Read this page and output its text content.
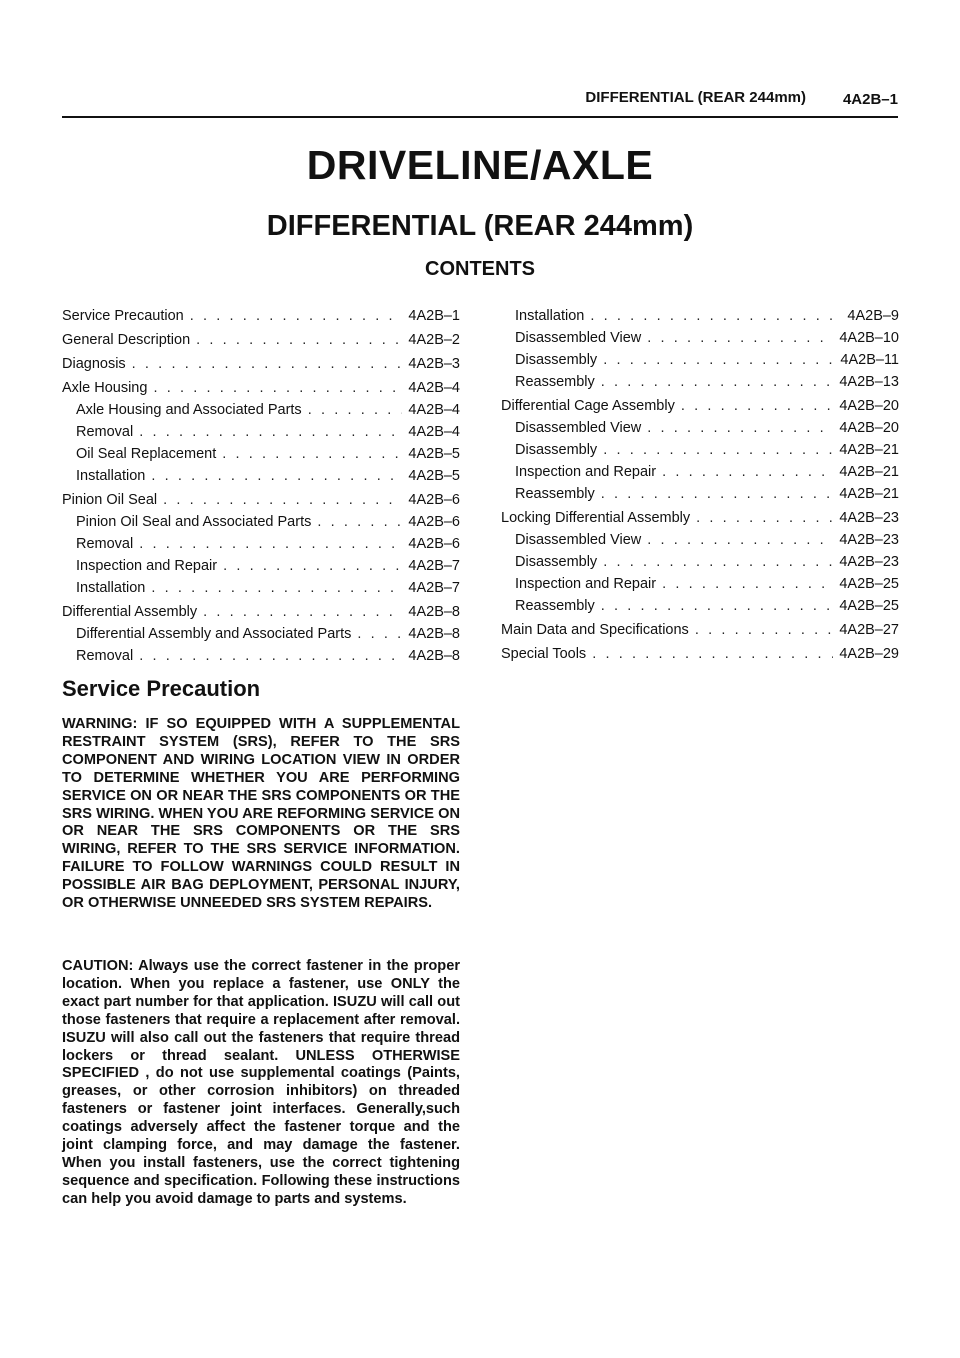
DIFFERENTIAL (REAR 244mm) 4A2B–1
DRIVELINE/AXLE
DIFFERENTIAL (REAR 244mm)
CONTENTS
Service Precaution . . .	4A2B–1
General Description . . .	4A2B–2
Diagnosis . . .	4A2B–3
Axle Housing . . .	4A2B–4
Axle Housing and Associated Parts . . .	4A2B–4
Removal . . .	4A2B–4
Oil Seal Replacement . . .	4A2B–5
Installation . . .	4A2B–5
Pinion Oil Seal . . .	4A2B–6
Pinion Oil Seal and Associated Parts . . .	4A2B–6
Removal . . .	4A2B–6
Inspection and Repair . . .	4A2B–7
Installation . . .	4A2B–7
Differential Assembly . . .	4A2B–8
Differential Assembly and Associated Parts . . .	4A2B–8
Removal . . .	4A2B–8
Installation . . .	4A2B–9
Disassembled View . . .	4A2B–10
Disassembly . . .	4A2B–11
Reassembly . . .	4A2B–13
Differential Cage Assembly . . .	4A2B–20
Disassembled View . . .	4A2B–20
Disassembly . . .	4A2B–21
Inspection and Repair . . .	4A2B–21
Reassembly . . .	4A2B–21
Locking Differential Assembly . . .	4A2B–23
Disassembled View . . .	4A2B–23
Disassembly . . .	4A2B–23
Inspection and Repair . . .	4A2B–25
Reassembly . . .	4A2B–25
Main Data and Specifications . . .	4A2B–27
Special Tools . . .	4A2B–29
Service Precaution

WARNING: IF SO EQUIPPED WITH A SUPPLEMENTAL RESTRAINT SYSTEM (SRS), REFER TO THE SRS COMPONENT AND WIRING LOCATION VIEW IN ORDER TO DETERMINE WHETHER YOU ARE PERFORMING SERVICE ON OR NEAR THE SRS COMPONENTS OR THE SRS WIRING. WHEN YOU ARE REFORMING SERVICE ON OR NEAR THE SRS COMPONENTS OR THE SRS WIRING, REFER TO THE SRS SERVICE INFORMATION. FAILURE TO FOLLOW WARNINGS COULD RESULT IN POSSIBLE AIR BAG DEPLOYMENT, PERSONAL INJURY, OR OTHERWISE UNNEEDED SRS SYSTEM REPAIRS.

CAUTION: Always use the correct fastener in the proper location. When you replace a fastener, use ONLY the exact part number for that application. ISUZU will call out those fasteners that require a replacement after removal. ISUZU will also call out the fasteners that require thread lockers or thread sealant. UNLESS OTHERWISE SPECIFIED , do not use supplemental coatings (Paints, greases, or other corrosion inhibitors) on threaded fasteners or fastener joint interfaces. Generally,such coatings adversely affect the fastener torque and the joint clamping force, and may damage the fastener. When you install fasteners, use the correct tightening sequence and specification. Following these instructions can help you avoid damage to parts and systems.
